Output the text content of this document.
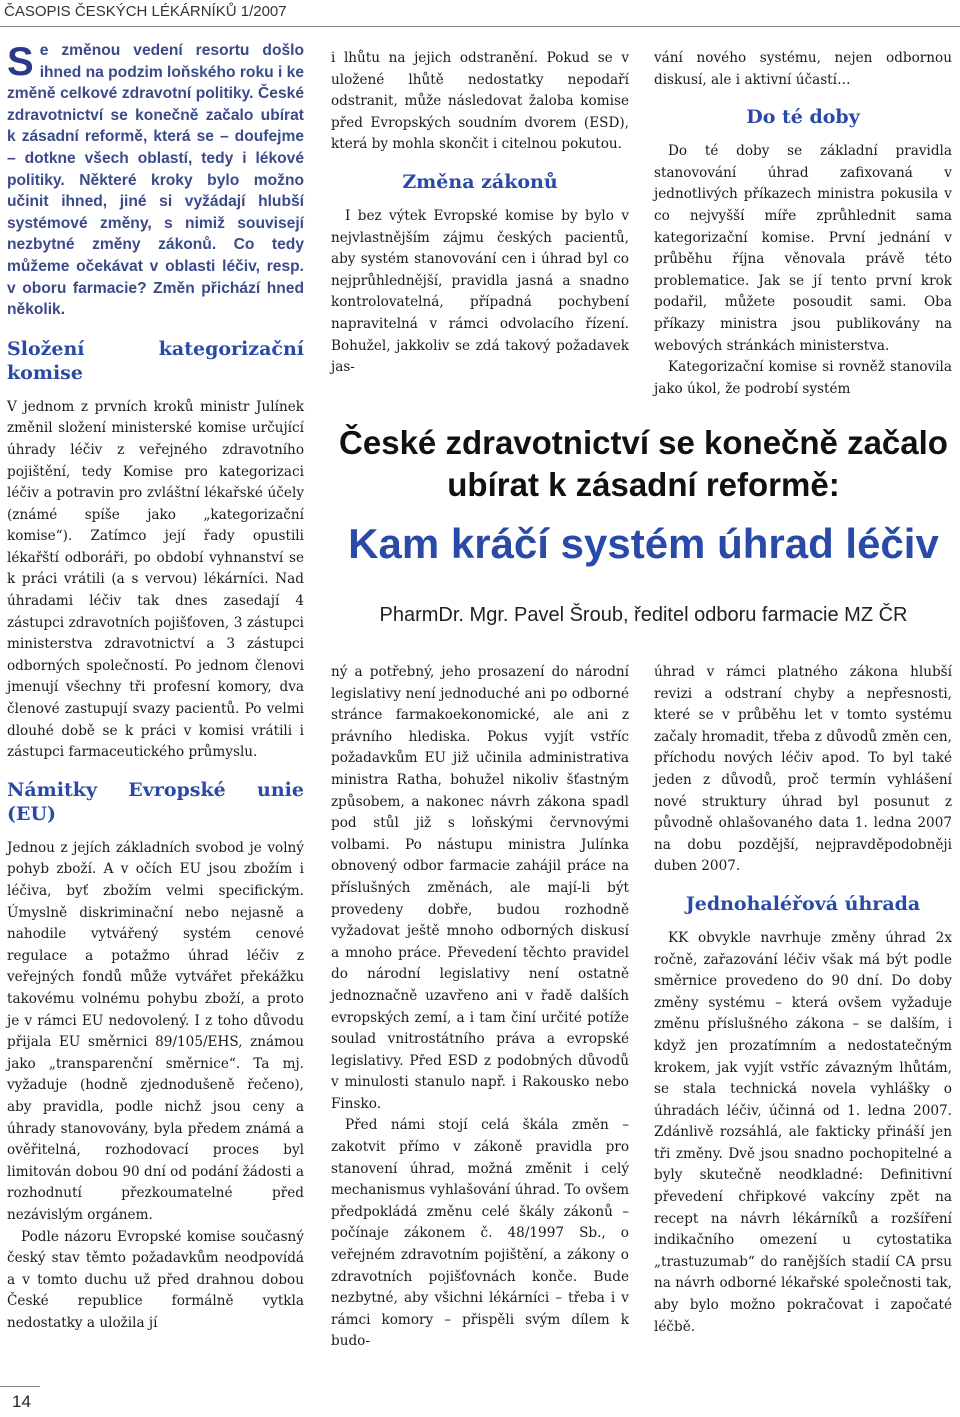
ČASOPIS ČESKÝCH LÉKÁRNÍKŮ 1/2007
Se změnou vedení resortu došlo ihned na podzim loňského roku i ke změně celkové zdravotní politiky. České zdravotnictví se konečně začalo ubírat k zásadní reformě, která se – doufejme – dotkne všech oblastí, tedy i lékové politiky. Některé kroky bylo možno učinit ihned, jiné si vyžádají hlubší systémové změny, s nimiž souvisejí nezbytné změny zákonů. Co tedy můžeme očekávat v oblasti léčiv, resp. v oboru farmacie? Změn přichází hned několik.
Složení kategorizační komise

V jednom z prvních kroků ministr Julínek změnil složení ministerské komise určující úhrady léčiv z veřejného zdravotního pojištění, tedy Komise pro kategorizaci léčiv a potravin pro zvláštní lékařské účely (známé spíše jako „kategorizační komise“). Zatímco její řady opustili lékařští odboráři, po období vyhnanství se k práci vrátili (a s vervou) lékárníci. Nad úhradami léčiv tak dnes zasedají 4 zástupci zdravotních pojišťoven, 3 zástupci ministerstva zdravotnictví a 3 zástupci odborných společností. Po jednom členovi jmenují všechny tři profesní komory, dva členové zastupují svazy pacientů. Po velmi dlouhé době se k práci v komisi vrátili i zástupci farmaceutického průmyslu.

Námitky Evropské unie (EU)

Jednou z jejích základních svobod je volný pohyb zboží. A v očích EU jsou zbožím i léčiva, byť zbožím velmi specifickým. Úmyslně diskriminační nebo nejasně a nahodile vytvářený systém cenové regulace a potažmo úhrad léčiv z veřejných fondů může vytvářet překážku takovému volnému pohybu zboží, a proto je v rámci EU nedovolený. I z toho důvodu přijala EU směrnici 89/105/EHS, známou jako „transparenční směrnice“. Ta mj. vyžaduje (hodně zjednodušeně řečeno), aby pravidla, podle nichž jsou ceny a úhrady stanovovány, byla předem známá a ověřitelná, rozhodovací proces byl limitován dobou 90 dní od podání žádosti a rozhodnutí přezkoumatelné před nezávislým orgánem.

Podle názoru Evropské komise současný český stav těmto požadavkům neodpovídá a v tomto duchu už před drahnou dobou České republice formálně vytkla nedostatky a uložila jí

i lhůtu na jejich odstranění. Pokud se v uložené lhůtě nedostatky nepodaří odstranit, může následovat žaloba komise před Evropských soudním dvorem (ESD), která by mohla skončit i citelnou pokutou.

Změna zákonů

I bez výtek Evropské komise by bylo v nejvlastnějším zájmu českých pacientů, aby systém stanovování cen i úhrad byl co nejprůhlednější, pravidla jasná a snadno kontrolovatelná, případná pochybení napravitelná v rámci odvolacího řízení. Bohužel, jakkoliv se zdá takový požadavek jas-

vání nového systému, nejen odbornou diskusí, ale i aktivní účastí…

Do té doby

Do té doby se základní pravidla stanovování úhrad zafixovaná v jednotlivých příkazech ministra pokusila v co nejvyšší míře zprůhlednit sama kategorizační komise. První jednání v průběhu října věnovala právě této problematice. Jak se jí tento první krok podařil, můžete posoudit sami. Oba příkazy ministra jsou publikovány na webových stránkách ministerstva.

Kategorizační komise si rovněž stanovila jako úkol, že podrobí systém

České zdravotnictví se konečně začalo ubírat k zásadní reformě:
Kam kráčí systém úhrad léčiv
PharmDr. Mgr. Pavel Šroub, ředitel odboru farmacie MZ ČR

ný a potřebný, jeho prosazení do národní legislativy není jednoduché ani po odborné stránce farmakoekonomické, ale ani z právního hlediska. Pokus vyjít vstříc požadavkům EU již učinila administrativa ministra Ratha, bohužel nikoliv šťastným způsobem, a nakonec návrh zákona spadl pod stůl již s loňskými červnovými volbami. Po nástupu ministra Julínka obnovený odbor farmacie zahájil práce na příslušných změnách, ale mají-li být provedeny dobře, budou rozhodně vyžadovat ještě mnoho odborných diskusí a mnoho práce. Převedení těchto pravidel do národní legislativy není ostatně jednoznačně uzavřeno ani v řadě dalších evropských zemí, a i tam činí určité potíže soulad vnitrostátního práva a evropské legislativy. Před ESD z podobných důvodů v minulosti stanulo např. i Rakousko nebo Finsko.

Před námi stojí celá škála změn – zakotvit přímo v zákoně pravidla pro stanovení úhrad, možná změnit i celý mechanismus vyhlašování úhrad. To ovšem předpokládá změnu celé škály zákonů – počínaje zákonem č. 48/1997 Sb., o veřejném zdravotním pojištění, a zákony o zdravotních pojišťovnách konče. Bude nezbytné, aby všichni lékárníci – třeba i v rámci komory – přispěli svým dílem k budo-

úhrad v rámci platného zákona hlubší revizi a odstraní chyby a nepřesnosti, které se v průběhu let v tomto systému začaly hromadit, třeba z důvodů změn cen, příchodu nových léčiv apod. To byl také jeden z důvodů, proč termín vyhlášení nové struktury úhrad byl posunut z původně ohlašovaného data 1. ledna 2007 na dobu pozdější, nejpravděpodobněji duben 2007.

Jednohaléřová úhrada

KK obvykle navrhuje změny úhrad 2x ročně, zařazování léčiv však má být podle směrnice provedeno do 90 dní. Do doby změny systému – která ovšem vyžaduje změnu příslušného zákona – se dalším, i když jen prozatímním a nedostatečným krokem, jak vyjít vstříc závazným lhůtám, se stala technická novela vyhlášky o úhradách léčiv, účinná od 1. ledna 2007. Zdánlivě rozsáhlá, ale fakticky přináší jen tři změny. Dvě jsou snadno pochopitelné a byly skutečně neodkladné: Definitivní převedení chřipkové vakcíny zpět na recept na návrh lékárníků a rozšíření indikačního omezení u cytostatika „trastuzumab“ do ranějších stadií CA prsu na návrh odborné lékařské společnosti tak, aby bylo možno pokračovat i započaté léčbě.

14
